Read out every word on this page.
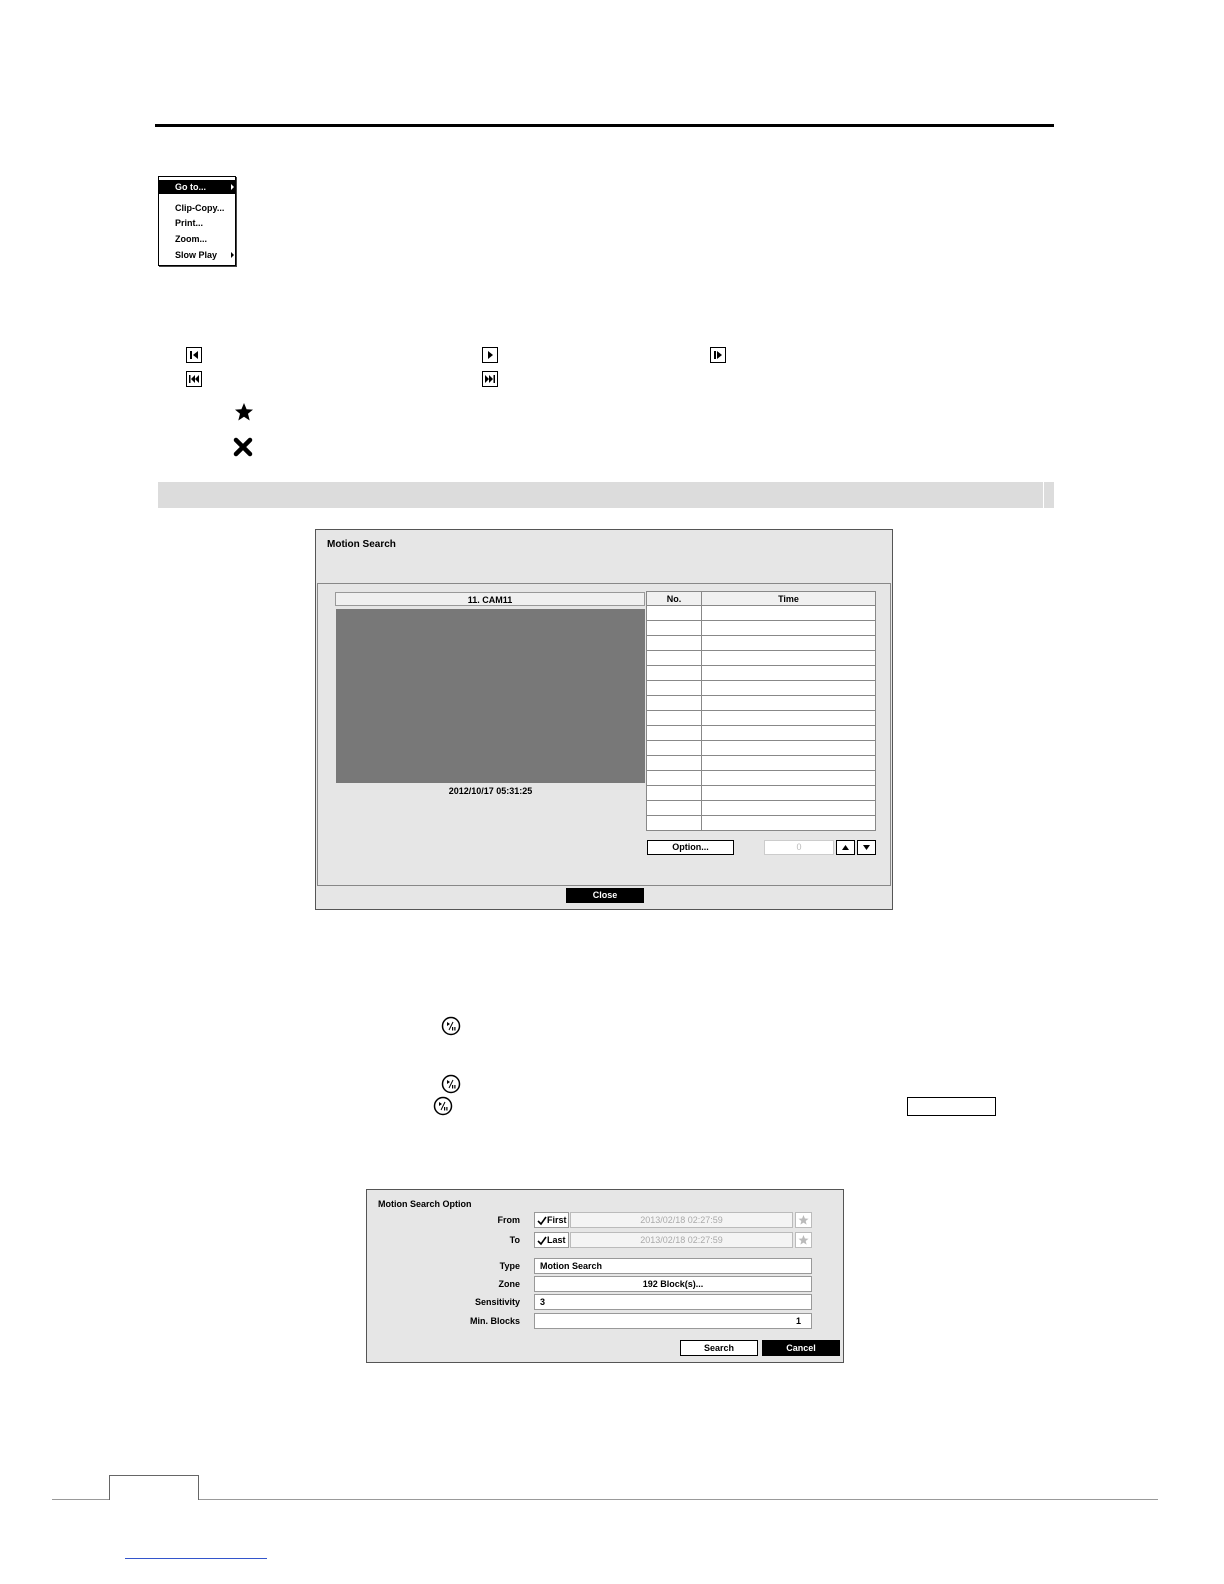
Go to...
Clip-Copy...
Print...
Zoom...
Slow Play
Motion Search
11. CAM11
2012/10/17 05:31:25
No.	Time

Option...	0
Close
Motion Search Option
From	First	2013/02/18 02:27:59
To	Last	2013/02/18 02:27:59
Type	Motion Search
Zone	192 Block(s)...
Sensitivity	3
Min. Blocks	1
Search	Cancel
